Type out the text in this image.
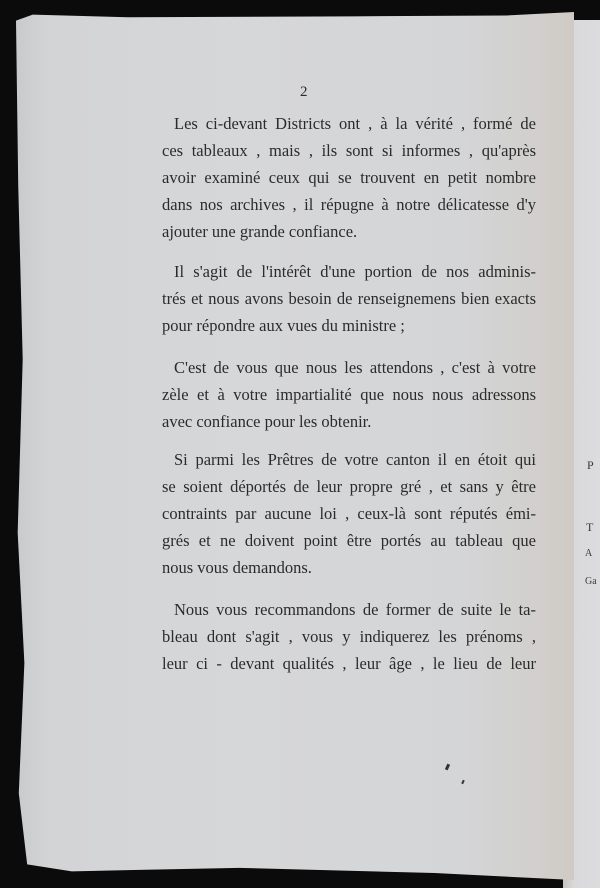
P
T
A
Ga
2
Les ci-devant Districts ont , à la vérité , formé de
ces tableaux , mais , ils sont si informes , qu'après
avoir examiné ceux qui se trouvent en petit nombre
dans nos archives , il répugne à notre délicatesse d'y
ajouter une grande confiance.
Il s'agit de l'intérêt d'une portion de nos adminis-
trés et nous avons besoin de renseignemens bien exacts
pour répondre aux vues du ministre ;
C'est de vous que nous les attendons , c'est à votre
zèle et à votre impartialité que nous nous adressons
avec confiance pour les obtenir.
Si parmi les Prêtres de votre canton il en étoit qui
se soient déportés de leur propre gré , et sans y être
contraints par aucune loi , ceux-là sont réputés émi-
grés et ne doivent point être portés au tableau que
nous vous demandons.
Nous vous recommandons de former de suite le ta-
bleau dont s'agit , vous y indiquerez les prénoms ,
leur ci - devant qualités , leur âge , le lieu de leur
